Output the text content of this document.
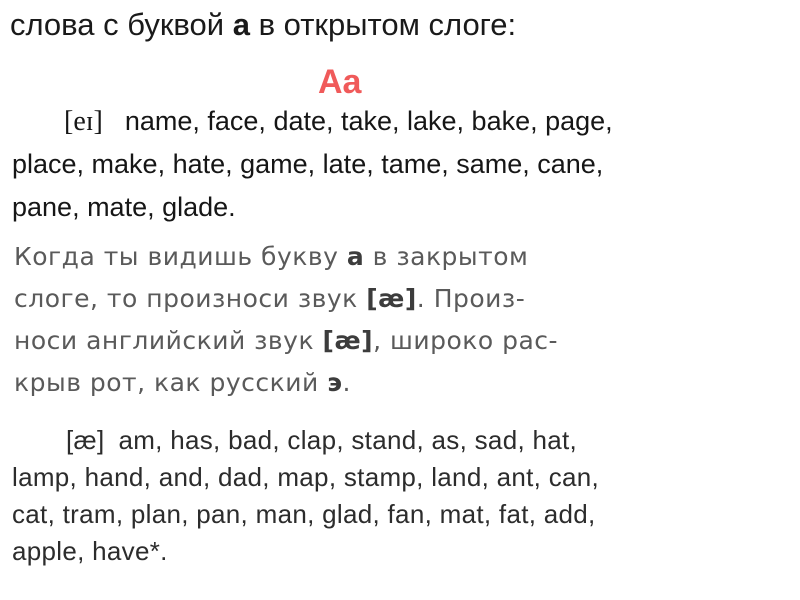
слова с буквой а в открытом слоге:
Aa
[eɪ] name, face, date, take, lake, bake, page,
place, make, hate, game, late, tame, same, cane,
pane, mate, glade.
Когда ты видишь букву а в закрытом
слоге, то произноси звук [æ]. Произ-
носи английский звук [æ], широко рас-
крыв рот, как русский э.
[æ] am, has, bad, clap, stand, as, sad, hat,
lamp, hand, and, dad, map, stamp, land, ant, can,
cat, tram, plan, pan, man, glad, fan, mat, fat, add,
apple, have*.
